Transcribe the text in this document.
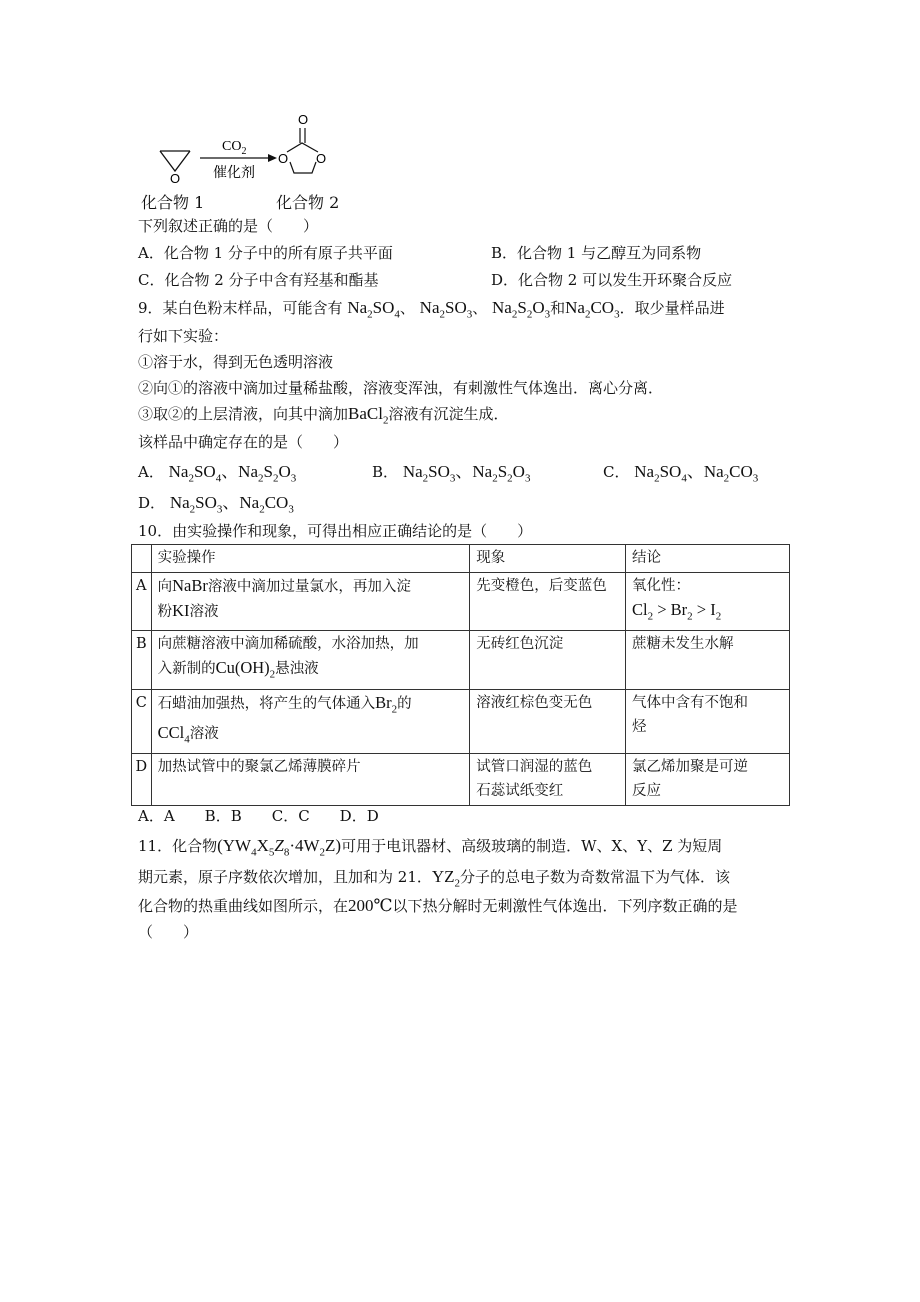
O
$CO_2$
催化剂
O
O O
化合物 1	化合物 2
下列叙述正确的是（　　）
A．化合物 1 分子中的所有原子共平面	B．化合物 1 与乙醇互为同系物
C．化合物 2 分子中含有羟基和酯基	D．化合物 2 可以发生开环聚合反应
9．某白色粉末样品，可能含有 $Na_2SO_4$、 $Na_2SO_3$、 $Na_2S_2O_3$和$Na_2CO_3$．取少量样品进
行如下实验：
①溶于水，得到无色透明溶液
②向①的溶液中滴加过量稀盐酸，溶液变浑浊，有刺激性气体逸出．离心分离．
③取②的上层清液，向其中滴加BaCl$_2$溶液有沉淀生成．
该样品中确定存在的是（　　）
A． $Na_2SO_4$、$Na_2S_2O_3$	B． $Na_2SO_3$、$Na_2S_2O_3$	C． $Na_2SO_4$、$Na_2CO_3$
D． $Na_2SO_3$、$Na_2CO_3$
10．由实验操作和现象，可得出相应正确结论的是（　　）
	实验操作	现象	结论
A	向NaBr溶液中滴加过量氯水，再加入淀
粉KI溶液	先变橙色，后变蓝色	氧化性：
$Cl_2 > Br_2 > I_2$
B	向蔗糖溶液中滴加稀硫酸，水浴加热，加
入新制的$Cu(OH)_2$悬浊液	无砖红色沉淀	蔗糖未发生水解
C	石蜡油加强热，将产生的气体通入$Br_2$的
CCl$_4$溶液	溶液红棕色变无色	气体中含有不饱和
烃
D	加热试管中的聚氯乙烯薄膜碎片	试管口润湿的蓝色
石蕊试纸变红	氯乙烯加聚是可逆
反应
A．A　　B．B　　C．C　　D．D
11．化合物$(YW_4X_5Z_8\cdot 4W_2Z)$可用于电讯器材、高级玻璃的制造．W、X、Y、Z 为短周
期元素，原子序数依次增加，且加和为 21．$YZ_2$分子的总电子数为奇数常温下为气体．该
化合物的热重曲线如图所示，在200℃以下热分解时无刺激性气体逸出．下列序数正确的是
（　　）
